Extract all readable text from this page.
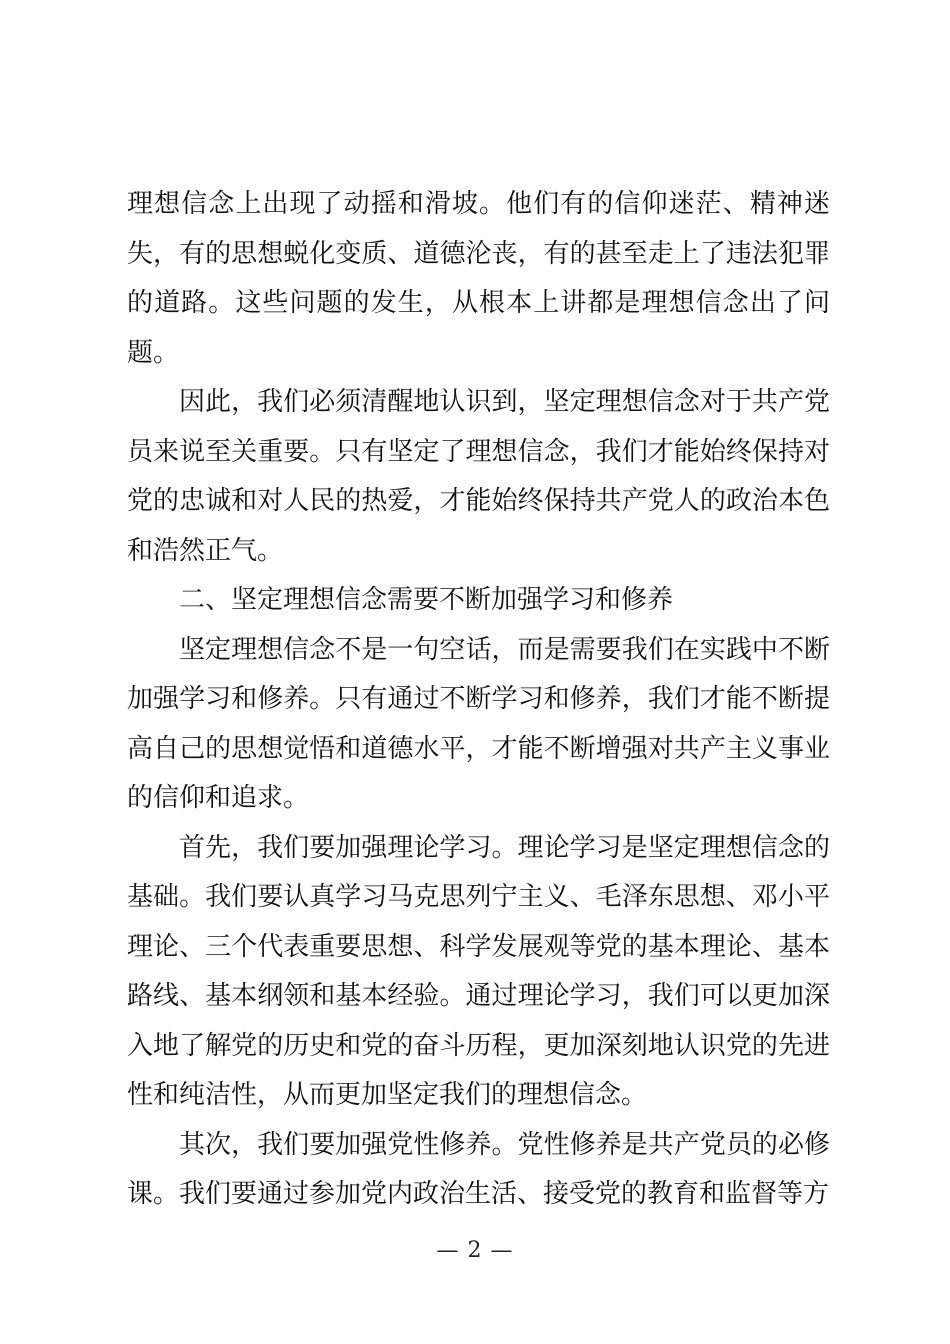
理想信念上出现了动摇和滑坡。他们有的信仰迷茫、精神迷失，有的思想蜕化变质、道德沦丧，有的甚至走上了违法犯罪的道路。这些问题的发生，从根本上讲都是理想信念出了问题。

因此，我们必须清醒地认识到，坚定理想信念对于共产党员来说至关重要。只有坚定了理想信念，我们才能始终保持对党的忠诚和对人民的热爱，才能始终保持共产党人的政治本色和浩然正气。

二、坚定理想信念需要不断加强学习和修养

坚定理想信念不是一句空话，而是需要我们在实践中不断加强学习和修养。只有通过不断学习和修养，我们才能不断提高自己的思想觉悟和道德水平，才能不断增强对共产主义事业的信仰和追求。

首先，我们要加强理论学习。理论学习是坚定理想信念的基础。我们要认真学习马克思列宁主义、毛泽东思想、邓小平理论、三个代表重要思想、科学发展观等党的基本理论、基本路线、基本纲领和基本经验。通过理论学习，我们可以更加深入地了解党的历史和党的奋斗历程，更加深刻地认识党的先进性和纯洁性，从而更加坚定我们的理想信念。

其次，我们要加强党性修养。党性修养是共产党员的必修课。我们要通过参加党内政治生活、接受党的教育和监督等方

— 2 —
